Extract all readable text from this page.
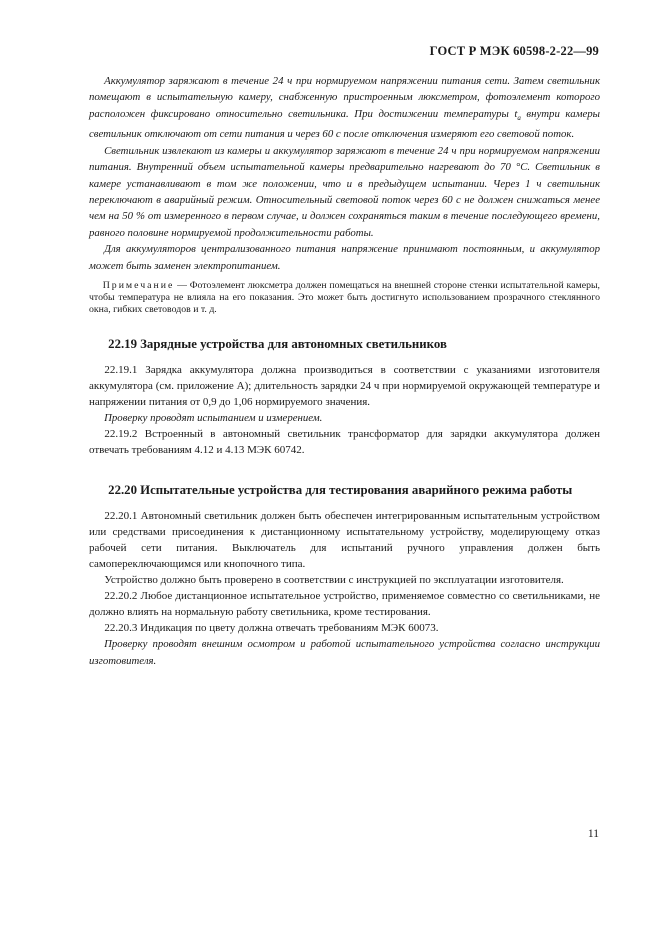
ГОСТ Р МЭК 60598-2-22—99

Аккумулятор заряжают в течение 24 ч при нормируемом напряжении питания сети. Затем светильник помещают в испытательную камеру, снабженную пристроенным люксметром, фотоэлемент которого расположен фиксировано относительно светильника. При достижении температуры $t_a$ внутри камеры светильник отключают от сети питания и через 60 с после отключения измеряют его световой поток.

Светильник извлекают из камеры и аккумулятор заряжают в течение 24 ч при нормируемом напряжении питания. Внутренний объем испытательной камеры предварительно нагревают до 70 °С. Светильник в камере устанавливают в том же положении, что и в предыдущем испытании. Через 1 ч светильник переключают в аварийный режим. Относительный световой поток через 60 с не должен снижаться менее чем на 50 % от измеренного в первом случае, и должен сохраняться таким в течение последующего времени, равного половине нормируемой продолжительности работы.

Для аккумуляторов централизованного питания напряжение принимают постоянным, и аккумулятор может быть заменен электропитанием.

Примечание — Фотоэлемент люксметра должен помещаться на внешней стороне стенки испытательной камеры, чтобы температура не влияла на его показания. Это может быть достигнуто использованием прозрачного стеклянного окна, гибких световодов и т. д.

22.19 Зарядные устройства для автономных светильников

22.19.1 Зарядка аккумулятора должна производиться в соответствии с указаниями изготовителя аккумулятора (см. приложение А); длительность зарядки 24 ч при нормируемой окружающей температуре и напряжении питания от 0,9 до 1,06 нормируемого значения.

Проверку проводят испытанием и измерением.

22.19.2 Встроенный в автономный светильник трансформатор для зарядки аккумулятора должен отвечать требованиям 4.12 и 4.13 МЭК 60742.

22.20 Испытательные устройства для тестирования аварийного режима работы

22.20.1 Автономный светильник должен быть обеспечен интегрированным испытательным устройством или средствами присоединения к дистанционному испытательному устройству, моделирующему отказ рабочей сети питания. Выключатель для испытаний ручного управления должен быть самопереключающимся или кнопочного типа.

Устройство должно быть проверено в соответствии с инструкцией по эксплуатации изготовителя.

22.20.2 Любое дистанционное испытательное устройство, применяемое совместно со светильниками, не должно влиять на нормальную работу светильника, кроме тестирования.

22.20.3 Индикация по цвету должна отвечать требованиям МЭК 60073.

Проверку проводят внешним осмотром и работой испытательного устройства согласно инструкции изготовителя.

11
